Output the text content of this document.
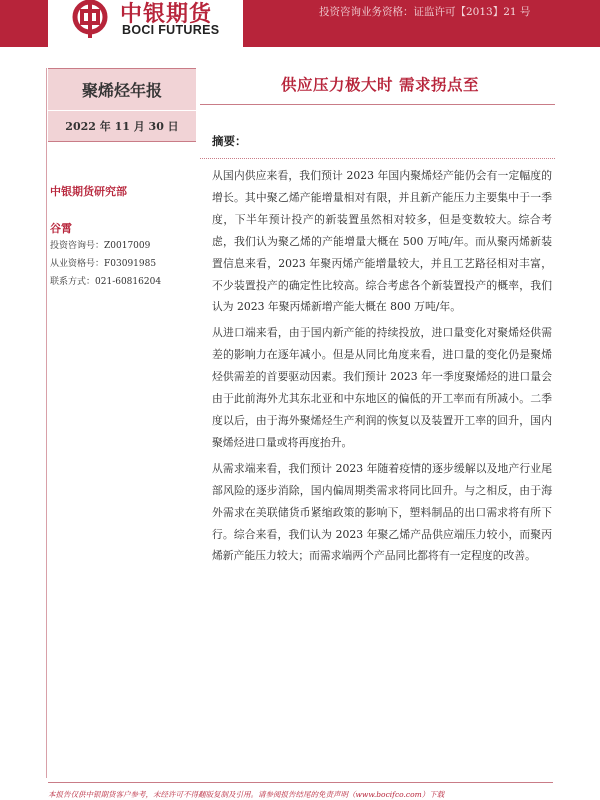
中银期货
BOCI FUTURES
投资咨询业务资格：证监许可【2013】21 号
聚烯烃年报
2022 年 11 月 30 日
中银期货研究部
谷霄
投资咨询号：Z0017009
从业资格号：F03091985
联系方式：021-60816204
供应压力极大时 需求拐点至
摘要：

从国内供应来看，我们预计 2023 年国内聚烯烃产能仍会有一定幅度的增长。其中聚乙烯产能增量相对有限，并且新产能压力主要集中于一季度，下半年预计投产的新装置虽然相对较多，但是变数较大。综合考虑，我们认为聚乙烯的产能增量大概在 500 万吨/年。而从聚丙烯新装置信息来看，2023 年聚丙烯产能增量较大，并且工艺路径相对丰富，不少装置投产的确定性比较高。综合考虑各个新装置投产的概率，我们认为 2023 年聚丙烯新增产能大概在 800 万吨/年。

从进口端来看，由于国内新产能的持续投放，进口量变化对聚烯烃供需差的影响力在逐年减小。但是从同比角度来看，进口量的变化仍是聚烯烃供需差的首要驱动因素。我们预计 2023 年一季度聚烯烃的进口量会由于此前海外尤其东北亚和中东地区的偏低的开工率而有所减小。二季度以后，由于海外聚烯烃生产利润的恢复以及装置开工率的回升，国内聚烯烃进口量或将再度抬升。

从需求端来看，我们预计 2023 年随着疫情的逐步缓解以及地产行业尾部风险的逐步消除，国内偏周期类需求将同比回升。与之相反，由于海外需求在美联储货币紧缩政策的影响下，塑料制品的出口需求将有所下行。综合来看，我们认为 2023 年聚乙烯产品供应端压力较小，而聚丙烯新产能压力较大；而需求端两个产品同比都将有一定程度的改善。

本报告仅供中银期货客户参考，未经许可不得翻版复制及引用。请参阅报告结尾的免责声明（www.bocifco.com）下载
